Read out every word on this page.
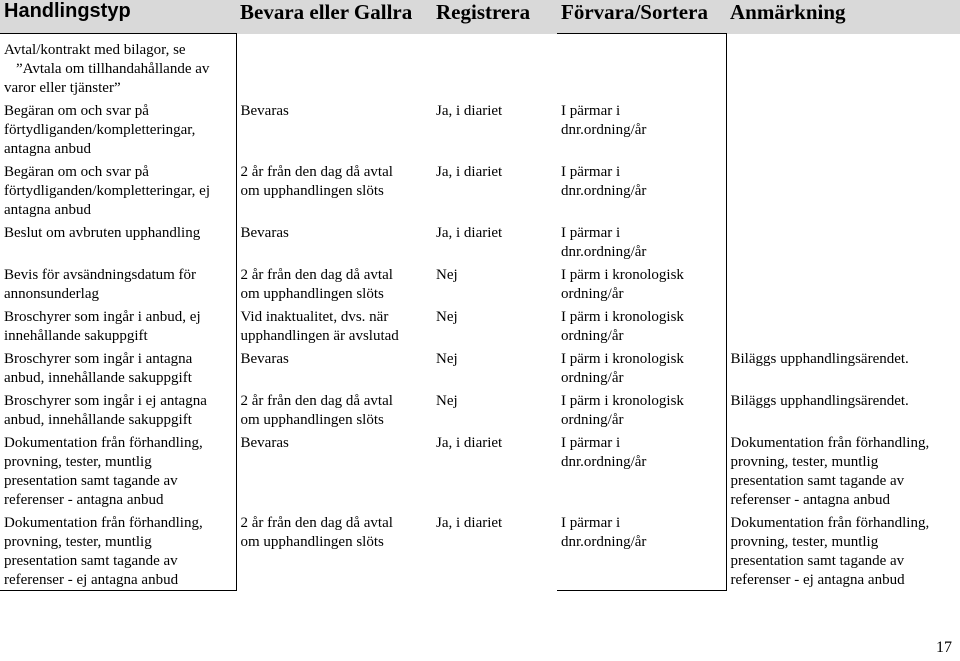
Handlingstyp	Bevara eller Gallra	Registrera	Förvara/Sortera	Anmärkning

Avtal/kontrakt med bilagor, se
”Avtala om tillhandahållande av
varor eller tjänster”				

Begäran om och svar på
förtydliganden/kompletteringar,
antagna anbud	Bevaras	Ja, i diariet	I pärmar i
dnr.ordning/år	

Begäran om och svar på
förtydliganden/kompletteringar, ej
antagna anbud	2 år från den dag då avtal
om upphandlingen slöts	Ja, i diariet	I pärmar i
dnr.ordning/år	

Beslut om avbruten upphandling	Bevaras	Ja, i diariet	I pärmar i
dnr.ordning/år	

Bevis för avsändningsdatum för
annonsunderlag	2 år från den dag då avtal
om upphandlingen slöts	Nej	I pärm i kronologisk
ordning/år	

Broschyrer som ingår i anbud, ej
innehållande sakuppgift	Vid inaktualitet, dvs. när
upphandlingen är avslutad	Nej	I pärm i kronologisk
ordning/år	

Broschyrer som ingår i antagna
anbud, innehållande sakuppgift	Bevaras	Nej	I pärm i kronologisk
ordning/år	Biläggs upphandlingsärendet.

Broschyrer som ingår i ej antagna
anbud, innehållande sakuppgift	2 år från den dag då avtal
om upphandlingen slöts	Nej	I pärm i kronologisk
ordning/år	Biläggs upphandlingsärendet.

Dokumentation från förhandling,
provning, tester, muntlig
presentation samt tagande av
referenser - antagna anbud	Bevaras	Ja, i diariet	I pärmar i
dnr.ordning/år	Dokumentation från förhandling,
provning, tester, muntlig
presentation samt tagande av
referenser - antagna anbud

Dokumentation från förhandling,
provning, tester, muntlig
presentation samt tagande av
referenser - ej antagna anbud	2 år från den dag då avtal
om upphandlingen slöts	Ja, i diariet	I pärmar i
dnr.ordning/år	Dokumentation från förhandling,
provning, tester, muntlig
presentation samt tagande av
referenser - ej antagna anbud
17
